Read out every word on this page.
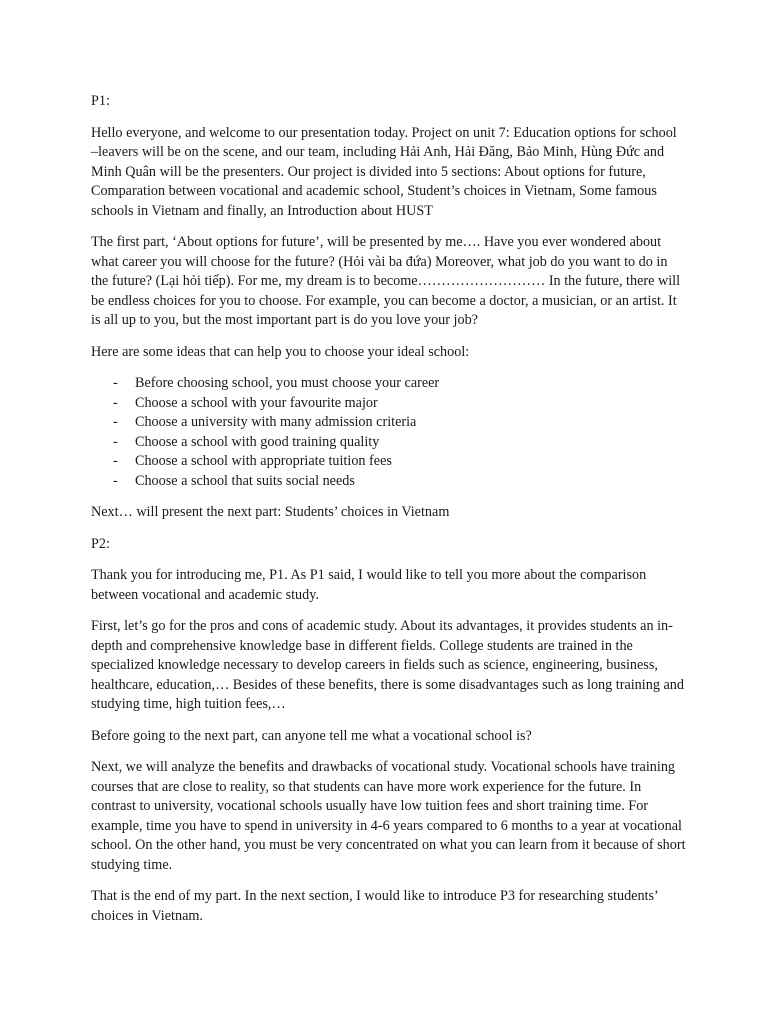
P1:

Hello everyone, and welcome to our presentation today. Project on unit 7: Education options for school –leavers will be on the scene, and our team, including Hải Anh, Hải Đăng, Bảo Minh, Hùng Đức and Minh Quân will be the presenters. Our project is divided into 5 sections: About options for future, Comparation between vocational and academic school, Student’s choices in Vietnam, Some famous schools in Vietnam and finally, an Introduction about HUST

The first part, ‘About options for future’, will be presented by me…. Have you ever wondered about what career you will choose for the future? (Hỏi vài ba đứa) Moreover, what job do you want to do in the future? (Lại hỏi tiếp). For me, my dream is to become……………………… In the future, there will be endless choices for you to choose. For example, you can become a doctor, a musician, or an artist. It is all up to you, but the most important part is do you love your job?

Here are some ideas that can help you to choose your ideal school:

- Before choosing school, you must choose your career
- Choose a school with your favourite major
- Choose a university with many admission criteria
- Choose a school with good training quality
- Choose a school with appropriate tuition fees
- Choose a school that suits social needs

Next… will present the next part: Students’ choices in Vietnam

P2:

Thank you for introducing me, P1. As P1 said, I would like to tell you more about the comparison between vocational and academic study.

First, let’s go for the pros and cons of academic study. About its advantages, it provides students an in-depth and comprehensive knowledge base in different fields. College students are trained in the specialized knowledge necessary to develop careers in fields such as science, engineering, business, healthcare, education,… Besides of these benefits, there is some disadvantages such as long training and studying time, high tuition fees,…

Before going to the next part, can anyone tell me what a vocational school is?

Next, we will analyze the benefits and drawbacks of vocational study. Vocational schools have training courses that are close to reality, so that students can have more work experience for the future. In contrast to university, vocational schools usually have low tuition fees and short training time. For example, time you have to spend in university in 4-6 years compared to 6 months to a year at vocational school. On the other hand, you must be very concentrated on what you can learn from it because of short studying time.

That is the end of my part. In the next section, I would like to introduce P3 for researching students’ choices in Vietnam.
